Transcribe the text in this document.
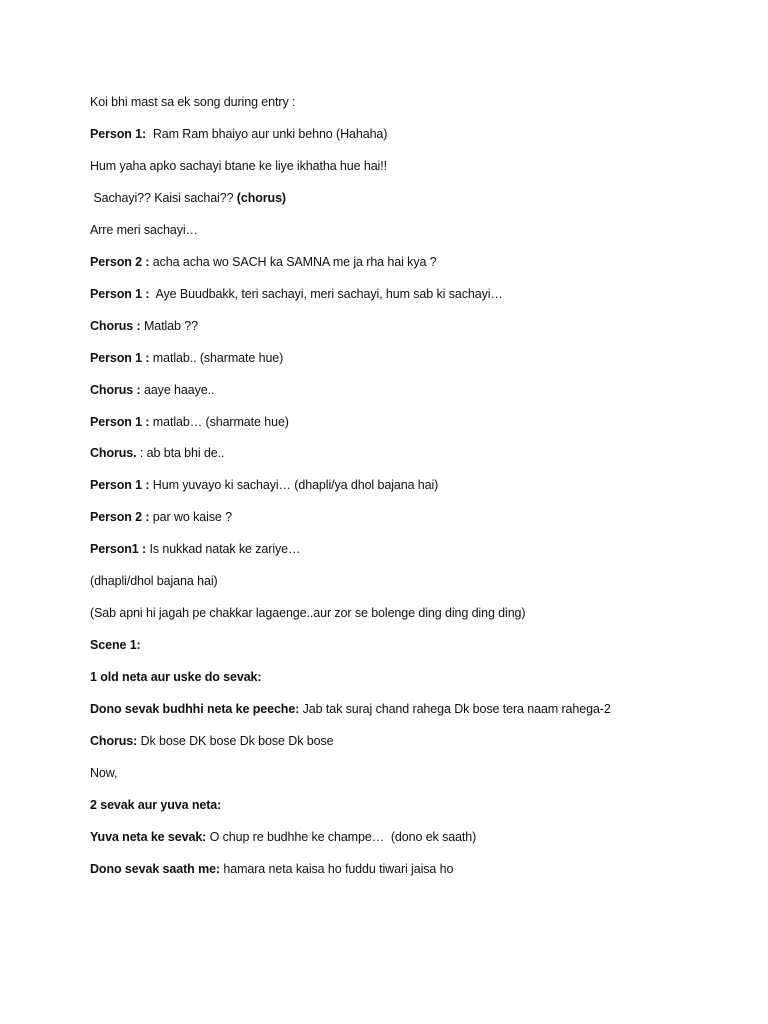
Koi bhi mast sa ek song during entry :
Person 1:  Ram Ram bhaiyo aur unki behno (Hahaha)
Hum yaha apko sachayi btane ke liye ikhatha hue hai!!
Sachayi?? Kaisi sachai?? (chorus)
Arre meri sachayi…
Person 2 : acha acha wo SACH ka SAMNA me ja rha hai kya ?
Person 1 :  Aye Buudbakk, teri sachayi, meri sachayi, hum sab ki sachayi…
Chorus : Matlab ??
Person 1 : matlab.. (sharmate hue)
Chorus : aaye haaye..
Person 1 : matlab… (sharmate hue)
Chorus. : ab bta bhi de..
Person 1 : Hum yuvayo ki sachayi… (dhapli/ya dhol bajana hai)
Person 2 : par wo kaise ?
Person1 : Is nukkad natak ke zariye…
(dhapli/dhol bajana hai)
(Sab apni hi jagah pe chakkar lagaenge..aur zor se bolenge ding ding ding ding)
Scene 1:
1 old neta aur uske do sevak:
Dono sevak budhhi neta ke peeche: Jab tak suraj chand rahega Dk bose tera naam rahega-2
Chorus: Dk bose DK bose Dk bose Dk bose
Now,
2 sevak aur yuva neta:
Yuva neta ke sevak: O chup re budhhe ke champe…  (dono ek saath)
Dono sevak saath me: hamara neta kaisa ho fuddu tiwari jaisa ho
